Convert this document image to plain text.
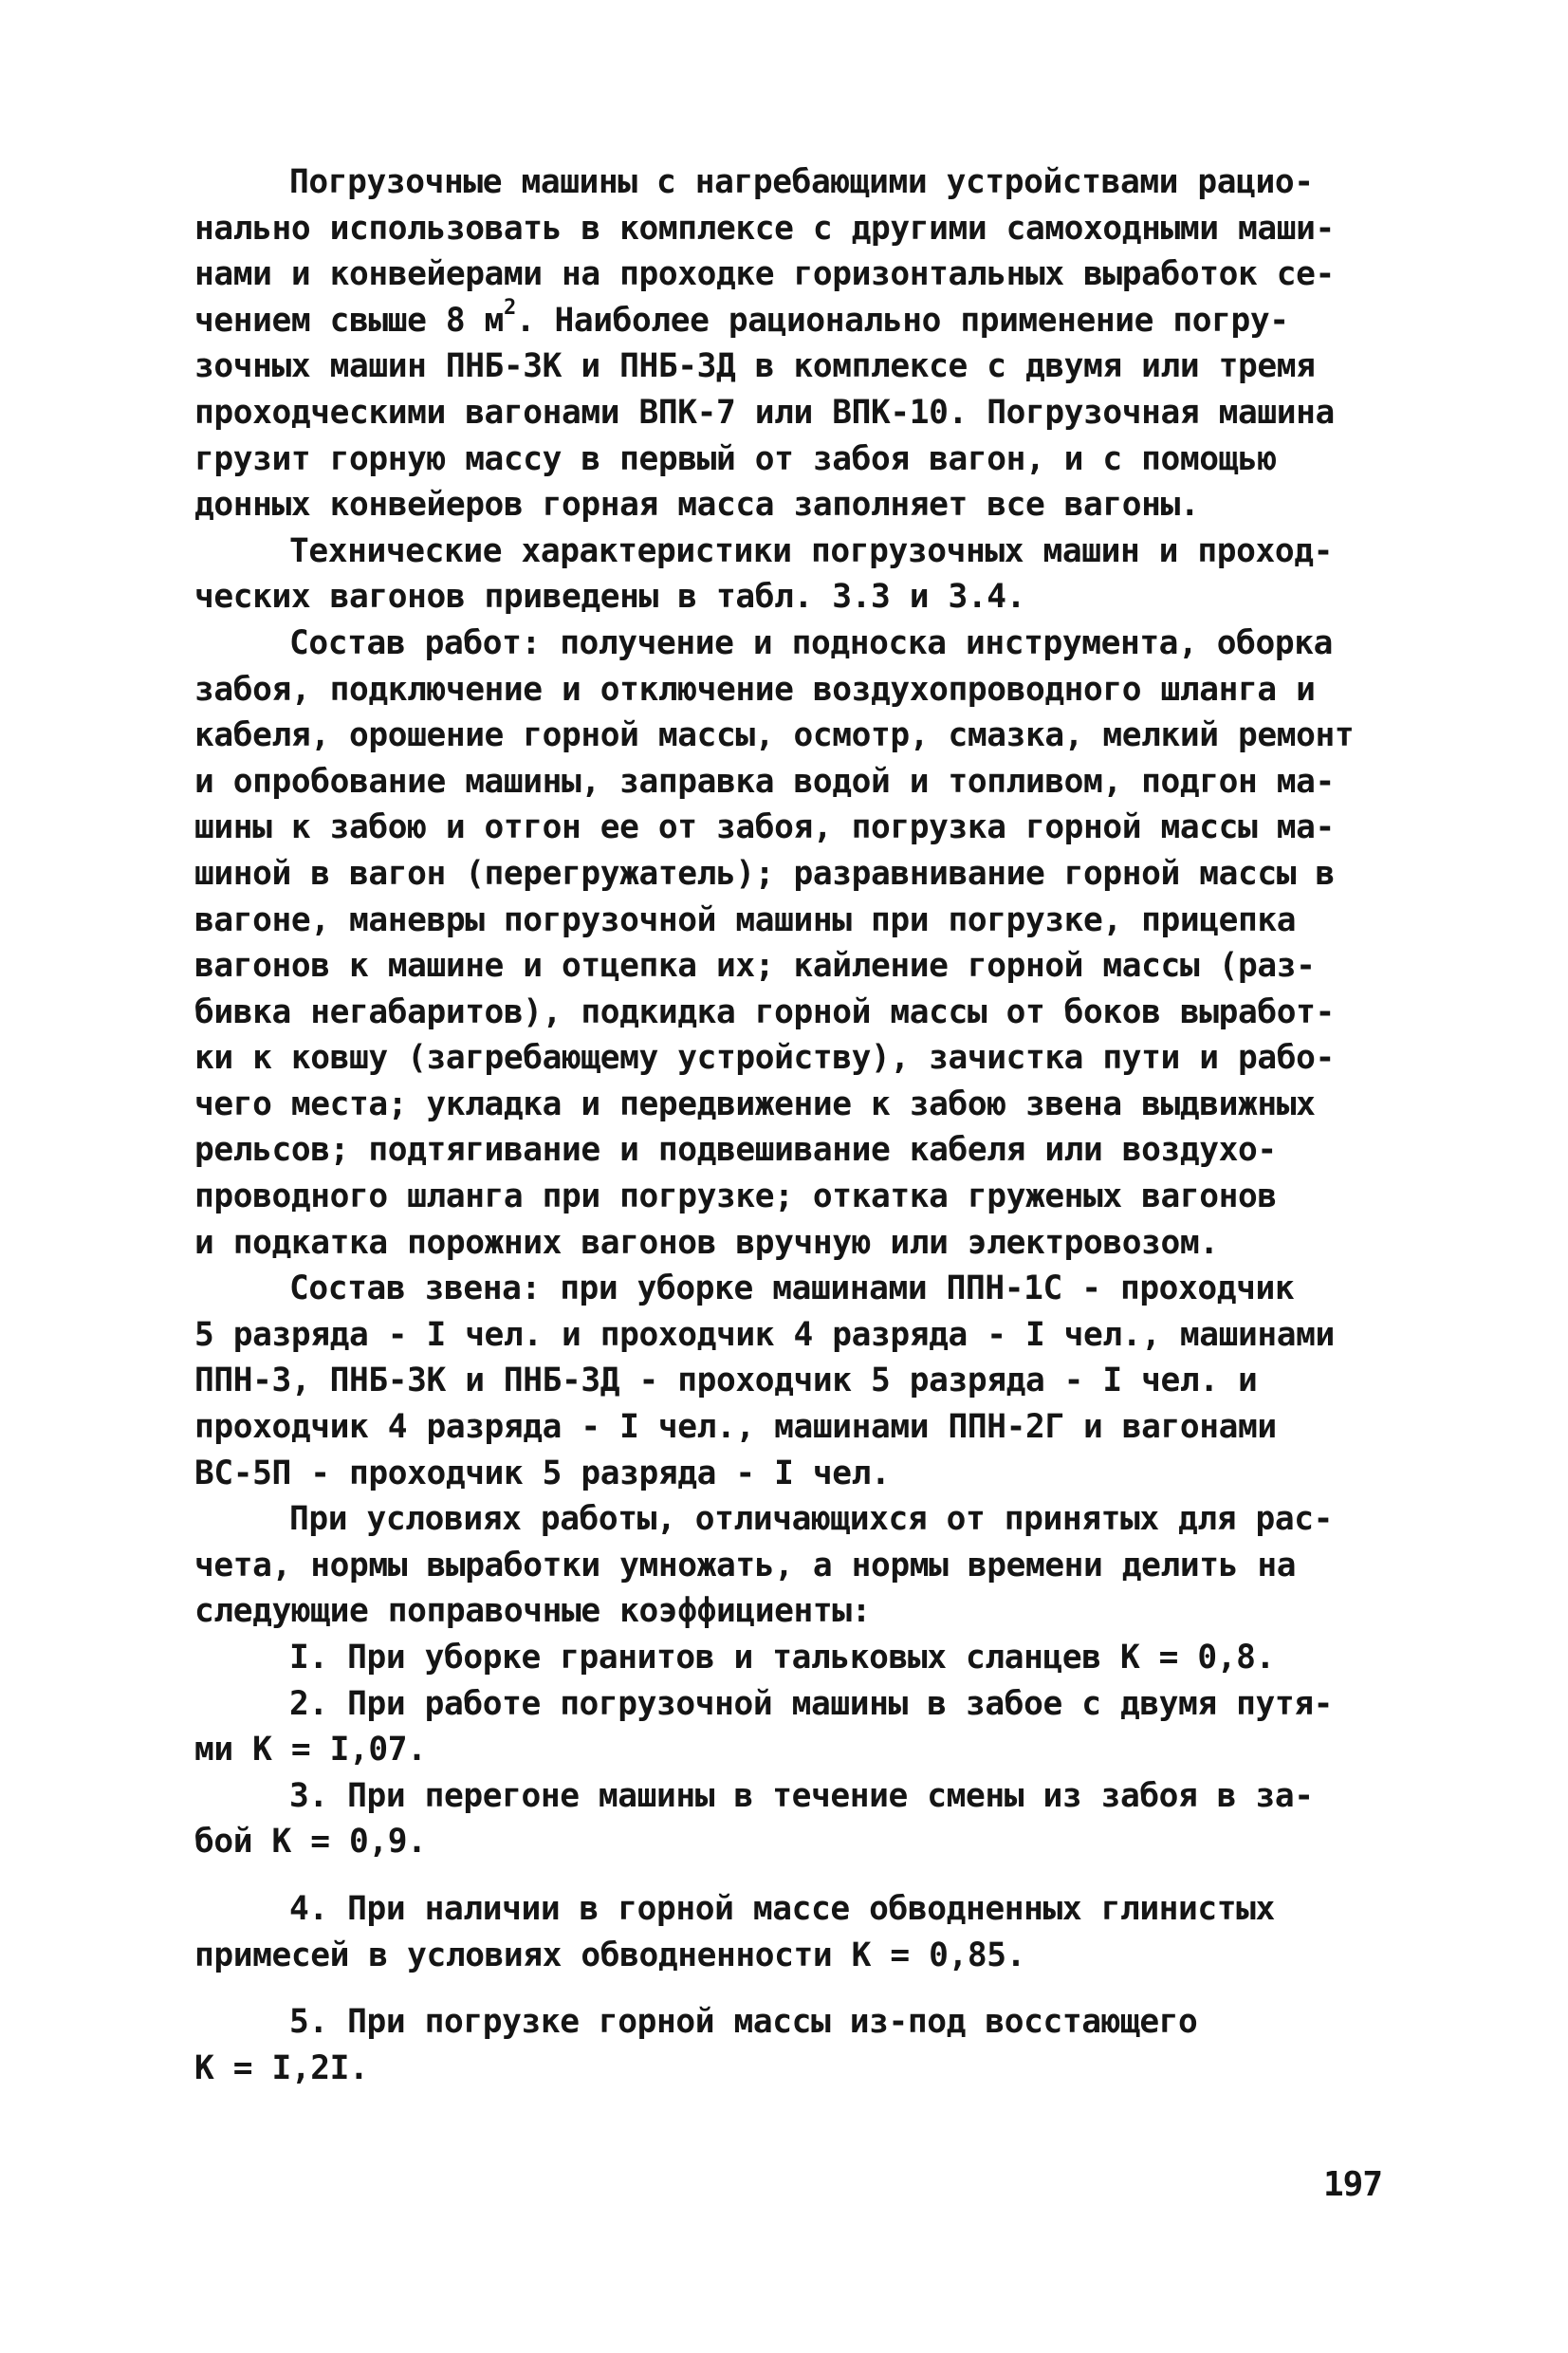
Погрузочные машины с нагребающими устройствами рацио-
нально использовать в комплексе с другими самоходными маши-
нами и конвейерами на проходке горизонтальных выработок се-
чением свыше 8 $м^2$. Наиболее рационально применение погру-
зочных машин ПНБ-3К и ПНБ-3Д в комплексе с двумя или тремя
проходческими вагонами ВПК-7 или ВПК-10. Погрузочная машина
грузит горную массу в первый от забоя вагон, и с помощью
донных конвейеров горная масса заполняет все вагоны.
Технические характеристики погрузочных машин и проход-
ческих вагонов приведены в табл. 3.3 и 3.4.
Состав работ: получение и подноска инструмента, оборка
забоя, подключение и отключение воздухопроводного шланга и
кабеля, орошение горной массы, осмотр, смазка, мелкий ремонт
и опробование машины, заправка водой и топливом, подгон ма-
шины к забою и отгон ее от забоя, погрузка горной массы ма-
шиной в вагон (перегружатель); разравнивание горной массы в
вагоне, маневры погрузочной машины при погрузке, прицепка
вагонов к машине и отцепка их; кайление горной массы (раз-
бивка негабаритов), подкидка горной массы от боков выработ-
ки к ковшу (загребающему устройству), зачистка пути и рабо-
чего места; укладка и передвижение к забою звена выдвижных
рельсов; подтягивание и подвешивание кабеля или воздухо-
проводного шланга при погрузке; откатка груженых вагонов
и подкатка порожних вагонов вручную или электровозом.
Состав звена: при уборке машинами ППН-1С - проходчик
5 разряда - I чел. и проходчик 4 разряда - I чел., машинами
ППН-3, ПНБ-3К и ПНБ-3Д - проходчик 5 разряда - I чел. и
проходчик 4 разряда - I чел., машинами ППН-2Г и вагонами
ВС-5П - проходчик 5 разряда - I чел.
При условиях работы, отличающихся от принятых для рас-
чета, нормы выработки умножать, а нормы времени делить на
следующие поправочные коэффициенты:
I. При уборке гранитов и тальковых сланцев К = 0,8.
2. При работе погрузочной машины в забое с двумя путя-
ми К = I,07.
3. При перегоне машины в течение смены из забоя в за-
бой К = 0,9.
4. При наличии в горной массе обводненных глинистых
примесей в условиях обводненности К = 0,85.
5. При погрузке горной массы из-под восстающего
К = I,2I.
197
